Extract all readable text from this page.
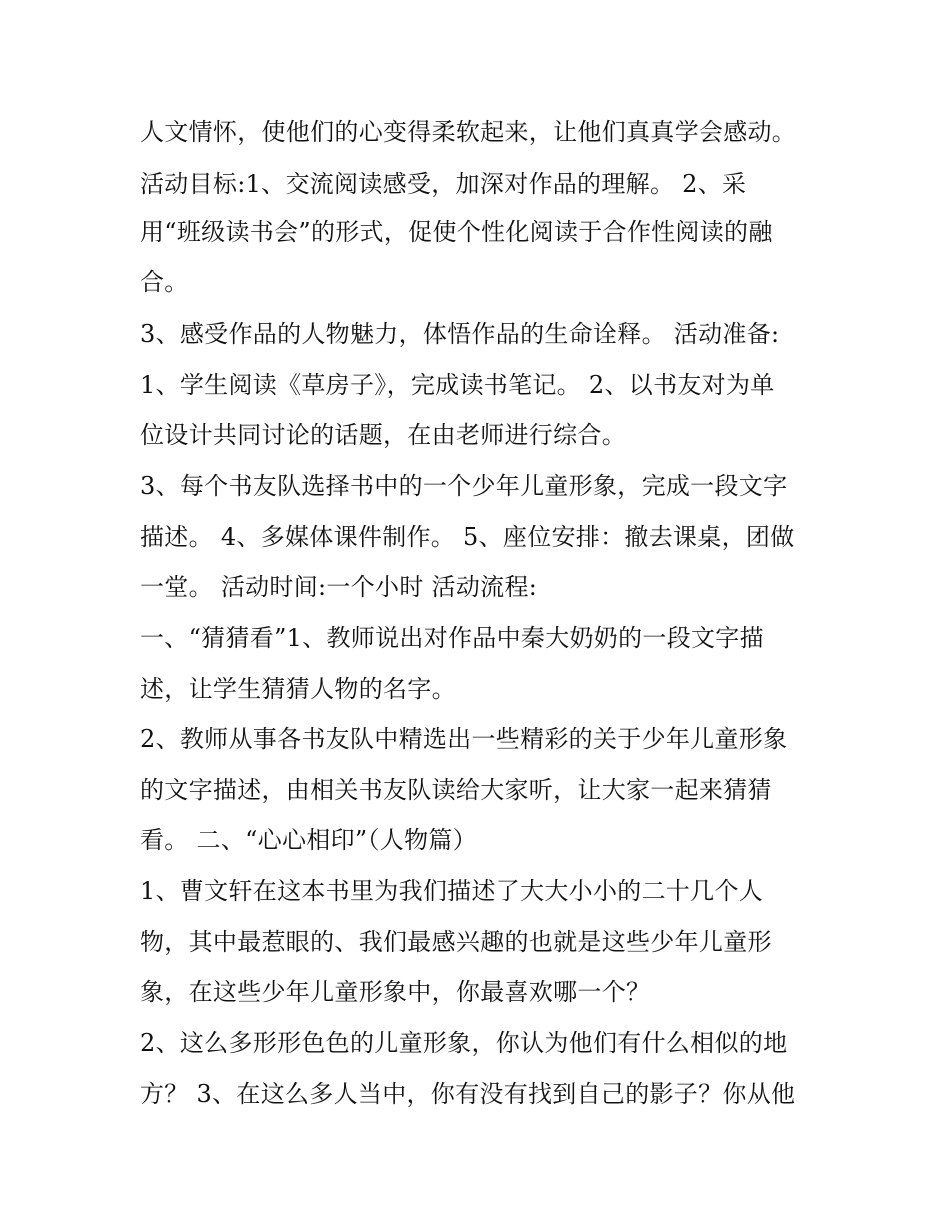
人文情怀，使他们的心变得柔软起来，让他们真真学会感动。
活动目标:1、交流阅读感受，加深对作品的理解。 2、采
用“班级读书会”的形式，促使个性化阅读于合作性阅读的融
合。
3、感受作品的人物魅力，体悟作品的生命诠释。 活动准备:
1、学生阅读《草房子》，完成读书笔记。 2、以书友对为单
位设计共同讨论的话题，在由老师进行综合。
3、每个书友队选择书中的一个少年儿童形象，完成一段文字
描述。 4、多媒体课件制作。 5、座位安排：撤去课桌，团做
一堂。 活动时间:一个小时 活动流程:
一、“猜猜看”1、教师说出对作品中秦大奶奶的一段文字描
述，让学生猜猜人物的名字。
2、教师从事各书友队中精选出一些精彩的关于少年儿童形象
的文字描述，由相关书友队读给大家听，让大家一起来猜猜
看。 二、“心心相印”（人物篇）
1、曹文轩在这本书里为我们描述了大大小小的二十几个人
物，其中最惹眼的、我们最感兴趣的也就是这些少年儿童形
象，在这些少年儿童形象中，你最喜欢哪一个？
2、这么多形形色色的儿童形象，你认为他们有什么相似的地
方？ 3、在这么多人当中，你有没有找到自己的影子？你从他
